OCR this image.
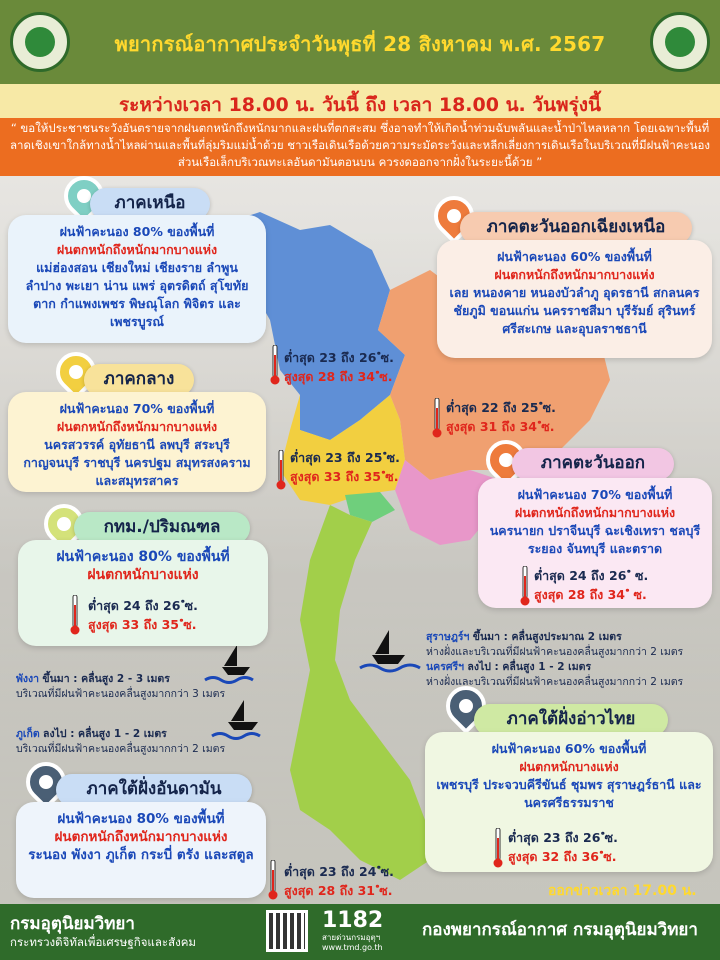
พยากรณ์อากาศประจำวันพุธที่ 28 สิงหาคม พ.ศ. 2567
ระหว่างเวลา 18.00 น. วันนี้ ถึง เวลา 18.00 น. วันพรุ่งนี้
“ ขอให้ประชาชนระวังอันตรายจากฝนตกหนักถึงหนักมากและฝนที่ตกสะสม ซึ่งอาจทำให้เกิดน้ำท่วมฉับพลันและน้ำป่าไหลหลาก โดยเฉพาะพื้นที่ลาดเชิงเขาใกล้ทางน้ำไหลผ่านและพื้นที่ลุ่มริมแม่น้ำด้วย ชาวเรือเดินเรือด้วยความระมัดระวังและหลีกเลี่ยงการเดินเรือในบริเวณที่มีฝนฟ้าคะนอง ส่วนเรือเล็กบริเวณทะเลอันดามันตอนบน ควรงดออกจากฝั่งในระยะนี้ด้วย ”
ภาคเหนือ
ฝนฟ้าคะนอง 80% ของพื้นที่
ฝนตกหนักถึงหนักมากบางแห่ง
แม่ฮ่องสอน เชียงใหม่ เชียงราย ลำพูน ลำปาง พะเยา น่าน แพร่ อุตรดิตถ์ สุโขทัย ตาก กำแพงเพชร พิษณุโลก พิจิตร และเพชรบูรณ์
ต่ำสุด 23 ถึง 26 ํซ.
สูงสุด 28 ถึง 34 ํซ.
ภาคตะวันออกเฉียงเหนือ
ฝนฟ้าคะนอง 60% ของพื้นที่
ฝนตกหนักถึงหนักมากบางแห่ง
เลย หนองคาย หนองบัวลำภู อุดรธานี สกลนคร ชัยภูมิ ขอนแก่น นครราชสีมา บุรีรัมย์ สุรินทร์ ศรีสะเกษ และอุบลราชธานี
ต่ำสุด 22 ถึง 25 ํซ.
สูงสุด 31 ถึง 34 ํซ.
ภาคกลาง
ฝนฟ้าคะนอง 70% ของพื้นที่
ฝนตกหนักถึงหนักมากบางแห่ง
นครสวรรค์ อุทัยธานี ลพบุรี สระบุรี กาญจนบุรี ราชบุรี นครปฐม สมุทรสงคราม และสมุทรสาคร
ต่ำสุด 23 ถึง 25 ํซ.
สูงสุด 33 ถึง 35 ํซ.
ภาคตะวันออก
ฝนฟ้าคะนอง 70% ของพื้นที่
ฝนตกหนักถึงหนักมากบางแห่ง
นครนายก ปราจีนบุรี ฉะเชิงเทรา ชลบุรี ระยอง จันทบุรี และตราด
ต่ำสุด 24 ถึง 26 ํ ซ.
สูงสุด 28 ถึง 34 ํ ซ.
กทม./ปริมณฑล
ฝนฟ้าคะนอง 80% ของพื้นที่
ฝนตกหนักบางแห่ง
ต่ำสุด 24 ถึง 26 ํซ.
สูงสุด 33 ถึง 35 ํซ.
สุราษฎร์ฯ ขึ้นมา : คลื่นสูงประมาณ 2 เมตร
ห่างฝั่งและบริเวณที่มีฝนฟ้าคะนองคลื่นสูงมากกว่า 2 เมตร
นครศรีฯ ลงไป : คลื่นสูง 1 - 2 เมตร
ห่างฝั่งและบริเวณที่มีฝนฟ้าคะนองคลื่นสูงมากกว่า 2 เมตร
พังงา ขึ้นมา : คลื่นสูง 2 - 3 เมตร
บริเวณที่มีฝนฟ้าคะนองคลื่นสูงมากกว่า 3 เมตร
ภูเก็ต ลงไป : คลื่นสูง 1 - 2 เมตร
บริเวณที่มีฝนฟ้าคะนองคลื่นสูงมากกว่า 2 เมตร
ภาคใต้ฝั่งอ่าวไทย
ฝนฟ้าคะนอง 60% ของพื้นที่
ฝนตกหนักบางแห่ง
เพชรบุรี ประจวบคีรีขันธ์ ชุมพร สุราษฎร์ธานี และนครศรีธรรมราช
ต่ำสุด 23 ถึง 26 ํซ.
สูงสุด 32 ถึง 36 ํซ.
ภาคใต้ฝั่งอันดามัน
ฝนฟ้าคะนอง 80% ของพื้นที่
ฝนตกหนักถึงหนักมากบางแห่ง
ระนอง พังงา ภูเก็ต กระบี่ ตรัง และสตูล
ต่ำสุด 23 ถึง 24 ํซ.
สูงสุด 28 ถึง 31 ํซ.	ออกข่าวเวลา 17.00 น.
กรมอุตุนิยมวิทยา
กระทรวงดิจิทัลเพื่อเศรษฐกิจและสังคม
1182
สายด่วนกรมอุตุฯ
www.tmd.go.th
กองพยากรณ์อากาศ กรมอุตุนิยมวิทยา
